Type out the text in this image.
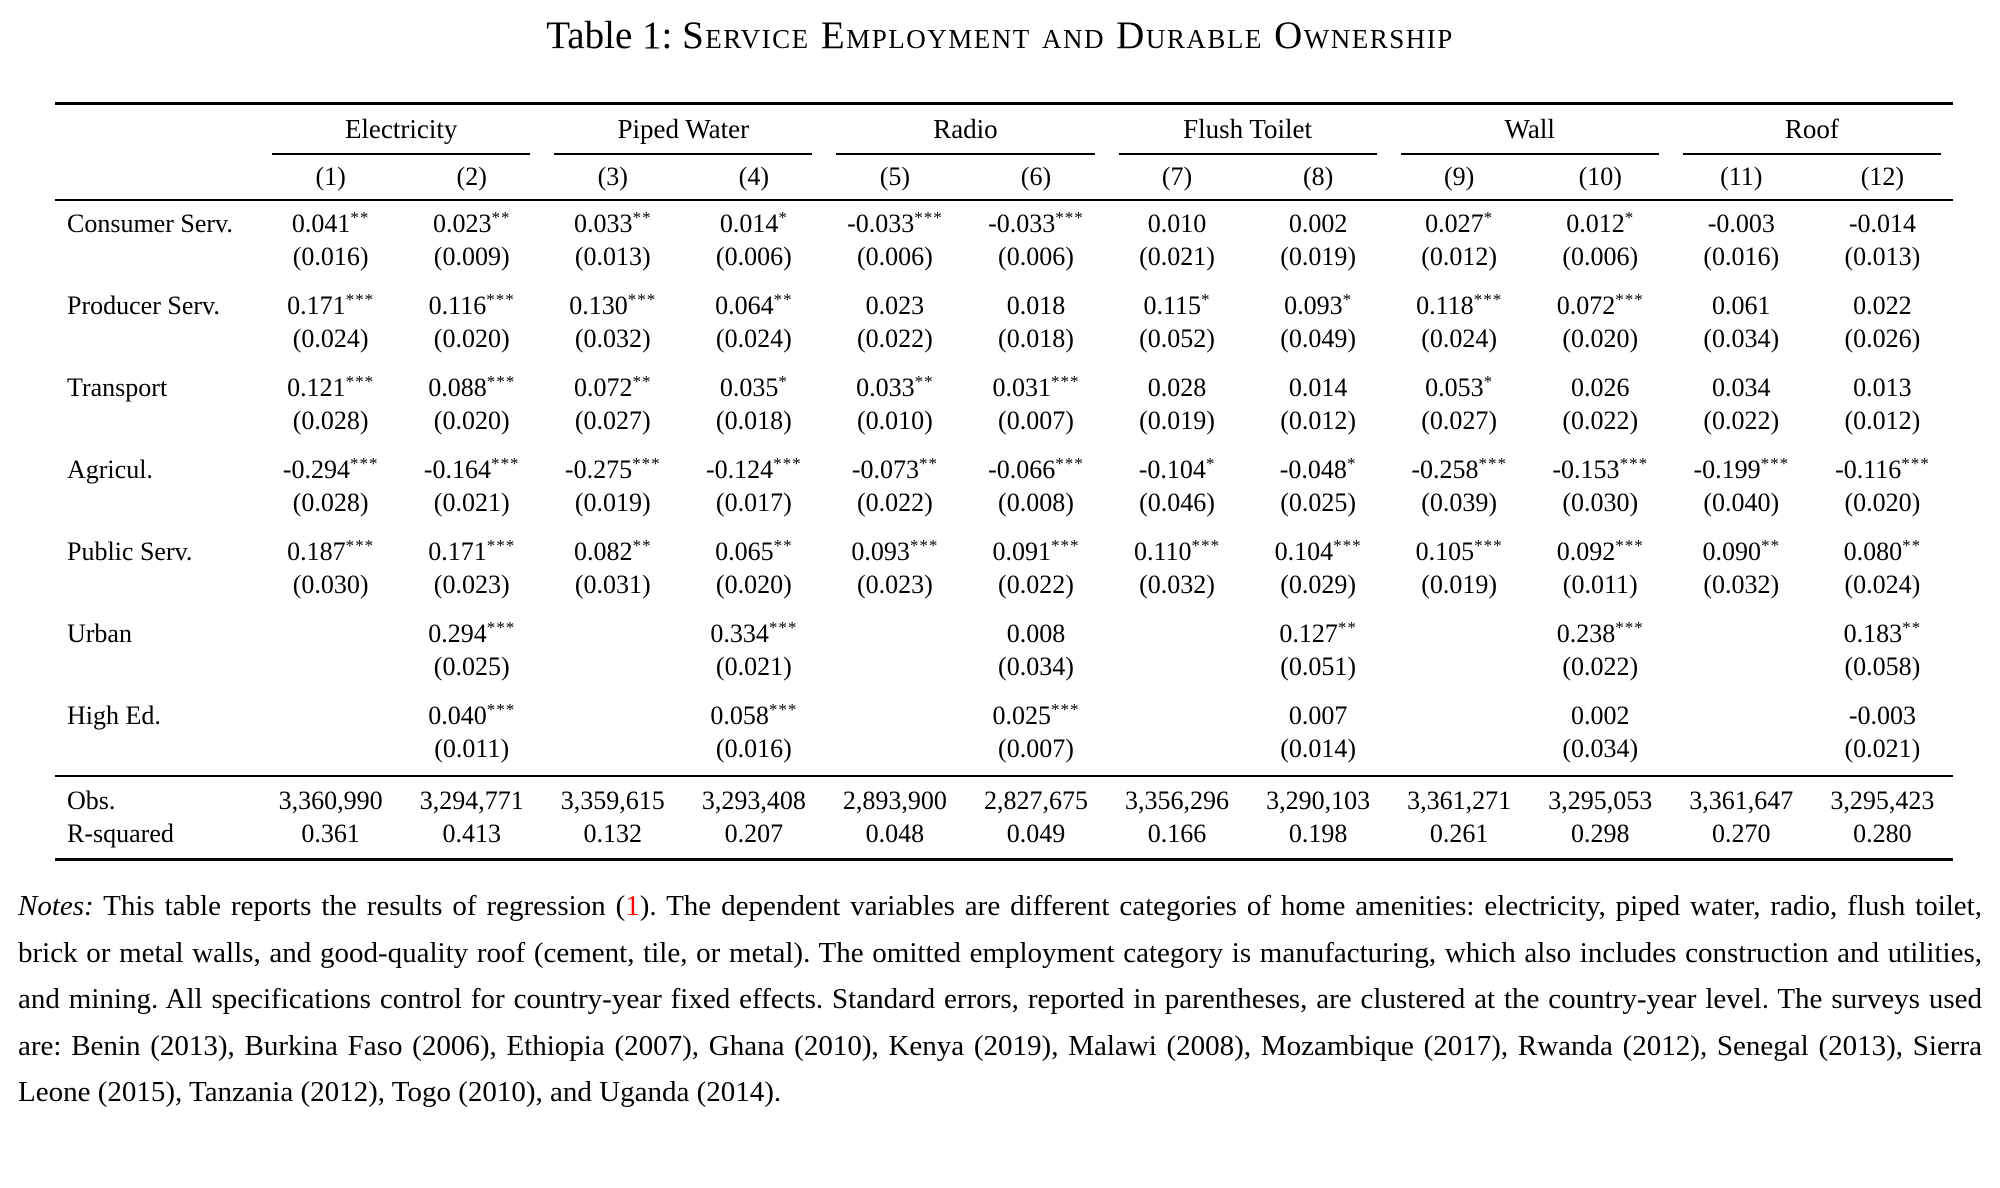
Table 1: Service Employment and Durable Ownership

	Electricity		Piped Water		Radio		Flush Toilet		Wall		Roof	

	(1)	(2)	(3)	(4)	(5)	(6)	(7)	(8)	(9)	(10)	(11)	(12)
Consumer Serv.	0.041**	0.023**	0.033**	0.014*	-0.033***	-0.033***	0.010	0.002	0.027*	0.012*	-0.003	-0.014
	(0.016)	(0.009)	(0.013)	(0.006)	(0.006)	(0.006)	(0.021)	(0.019)	(0.012)	(0.006)	(0.016)	(0.013)
Producer Serv.	0.171***	0.116***	0.130***	0.064**	0.023	0.018	0.115*	0.093*	0.118***	0.072***	0.061	0.022
	(0.024)	(0.020)	(0.032)	(0.024)	(0.022)	(0.018)	(0.052)	(0.049)	(0.024)	(0.020)	(0.034)	(0.026)
Transport	0.121***	0.088***	0.072**	0.035*	0.033**	0.031***	0.028	0.014	0.053*	0.026	0.034	0.013
	(0.028)	(0.020)	(0.027)	(0.018)	(0.010)	(0.007)	(0.019)	(0.012)	(0.027)	(0.022)	(0.022)	(0.012)
Agricul.	-0.294***	-0.164***	-0.275***	-0.124***	-0.073**	-0.066***	-0.104*	-0.048*	-0.258***	-0.153***	-0.199***	-0.116***
	(0.028)	(0.021)	(0.019)	(0.017)	(0.022)	(0.008)	(0.046)	(0.025)	(0.039)	(0.030)	(0.040)	(0.020)
Public Serv.	0.187***	0.171***	0.082**	0.065**	0.093***	0.091***	0.110***	0.104***	0.105***	0.092***	0.090**	0.080**
	(0.030)	(0.023)	(0.031)	(0.020)	(0.023)	(0.022)	(0.032)	(0.029)	(0.019)	(0.011)	(0.032)	(0.024)
Urban		0.294***		0.334***		0.008		0.127**		0.238***		0.183**
		(0.025)		(0.021)		(0.034)		(0.051)		(0.022)		(0.058)
High Ed.		0.040***		0.058***		0.025***		0.007		0.002		-0.003
		(0.011)		(0.016)		(0.007)		(0.014)		(0.034)		(0.021)
Obs.	3,360,990	3,294,771	3,359,615	3,293,408	2,893,900	2,827,675	3,356,296	3,290,103	3,361,271	3,295,053	3,361,647	3,295,423
R-squared	0.361	0.413	0.132	0.207	0.048	0.049	0.166	0.198	0.261	0.298	0.270	0.280

Notes: This table reports the results of regression (1). The dependent variables are different categories of home amenities: electricity, piped water, radio, flush toilet, brick or metal walls, and good-quality roof (cement, tile, or metal). The omitted employment category is manufacturing, which also includes construction and utilities, and mining. All specifications control for country-year fixed effects. Standard errors, reported in parentheses, are clustered at the country-year level. The surveys used are: Benin (2013), Burkina Faso (2006), Ethiopia (2007), Ghana (2010), Kenya (2019), Malawi (2008), Mozambique (2017), Rwanda (2012), Senegal (2013), Sierra Leone (2015), Tanzania (2012), Togo (2010), and Uganda (2014).
